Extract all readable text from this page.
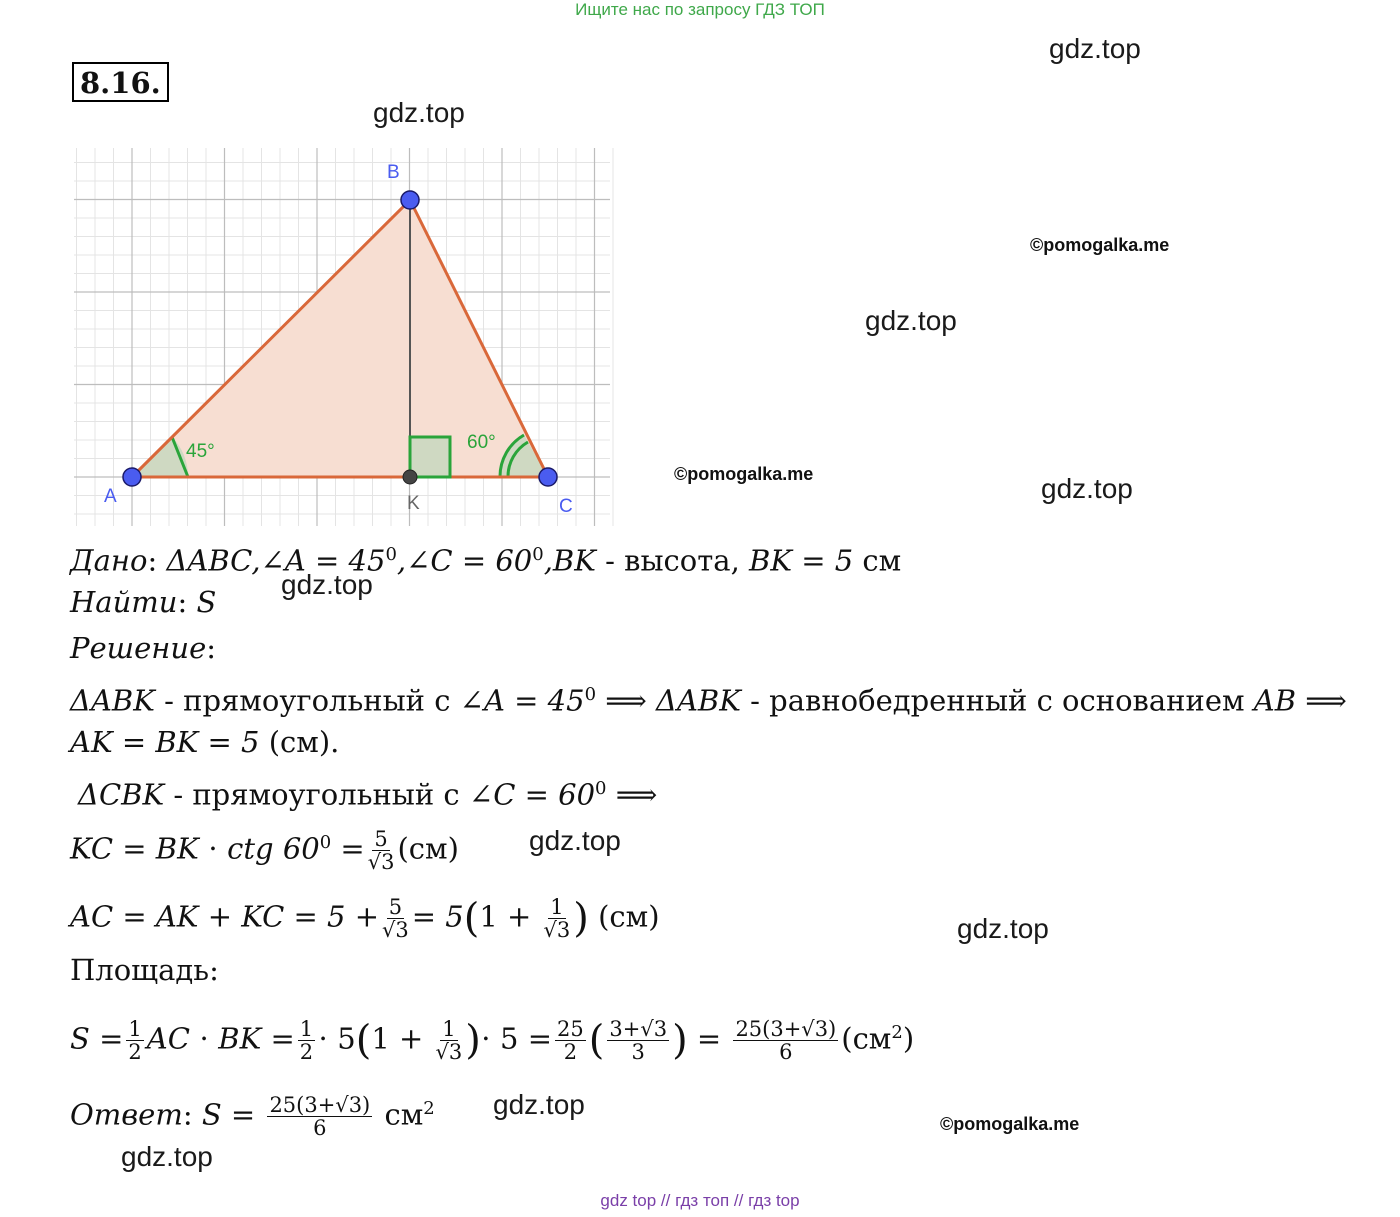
Ищите нас по запросу ГДЗ ТОП
8.16.
gdz.top
gdz.top
gdz.top
gdz.top
gdz.top
gdz.top
gdz.top
gdz.top
gdz.top
©pomogalka.me
©pomogalka.me
©pomogalka.me
A
B
C
K
45°	60°
Дано: ΔABC,∠A = $45^0,\angle C = 60^0,BK$ - высота, BK = 5 см
Найти: S
Решение:
ΔABK - прямоугольный с ∠A = $45^0$ ⟹ ΔABK - равнобедренный с основанием AB ⟹
AK = BK = 5 (см).
ΔCBK - прямоугольный с ∠C = $60^0$ ⟹
KC = BK ⋅ ctg $60^0 = \frac{5}{√3} (см)$
AC = AK + KC = $5 + \frac{5}{√3} = 5(1 + \frac{1}{√3}$ ) (см)
Площадь:
$S = \frac{1}{2}$ AC ⋅ BK = $\frac{1}{2} \cdot 5(1 + \frac{1}{√3}$ )⋅ $5 = \frac{25}{2}$ ( $\frac{3+√3}{3}$ ) = $\frac{25(3+√3)}{6} (см^2)$
Ответ: $S = \frac{25(3+√3)}{6} см^2$
gdz top // гдз топ // гдз top
